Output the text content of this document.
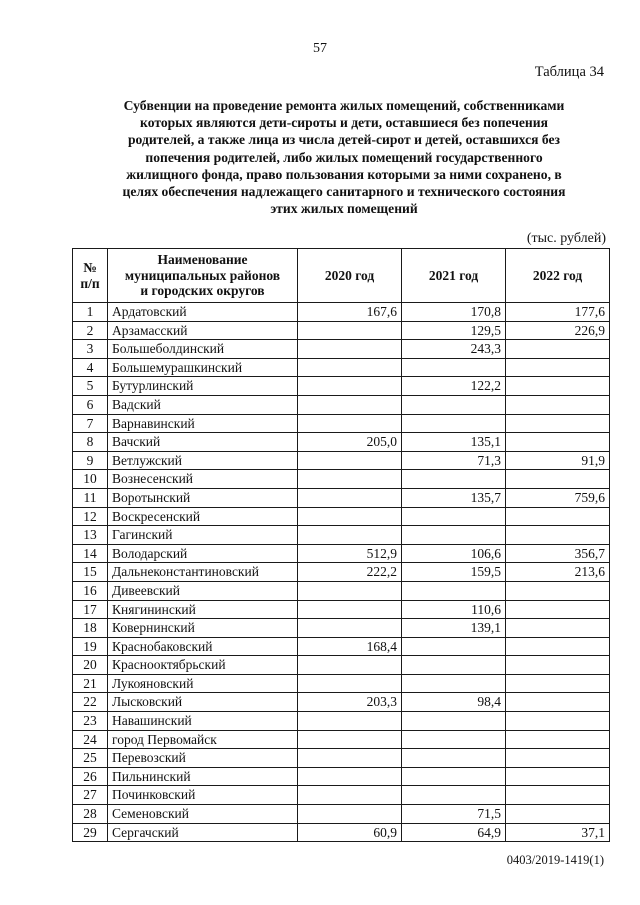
57
Таблица 34
Субвенции на проведение ремонта жилых помещений, собственниками
которых являются дети-сироты и дети, оставшиеся без попечения
родителей, а также лица из числа детей-сирот и детей, оставшихся без
попечения родителей, либо жилых помещений государственного
жилищного фонда, право пользования которыми за ними сохранено, в
целях обеспечения надлежащего санитарного и технического состояния
этих жилых помещений
(тыс. рублей)
№
п/п	Наименование
муниципальных районов
и городских округов	2020 год	2021 год	2022 год
1	Ардатовский	167,6	170,8	177,6
2	Арзамасский		129,5	226,9
3	Большеболдинский		243,3	
4	Большемурашкинский			
5	Бутурлинский		122,2	
6	Вадский			
7	Варнавинский			
8	Вачский	205,0	135,1	
9	Ветлужский		71,3	91,9
10	Вознесенский			
11	Воротынский		135,7	759,6
12	Воскресенский			
13	Гагинский			
14	Володарский	512,9	106,6	356,7
15	Дальнеконстантиновский	222,2	159,5	213,6
16	Дивеевский			
17	Княгининский		110,6	
18	Ковернинский		139,1	
19	Краснобаковский	168,4		
20	Краснооктябрьский			
21	Лукояновский			
22	Лысковский	203,3	98,4	
23	Навашинский			
24	город Первомайск			
25	Перевозский			
26	Пильнинский			
27	Починковский			
28	Семеновский		71,5	
29	Сергачский	60,9	64,9	37,1
0403/2019-1419(1)
